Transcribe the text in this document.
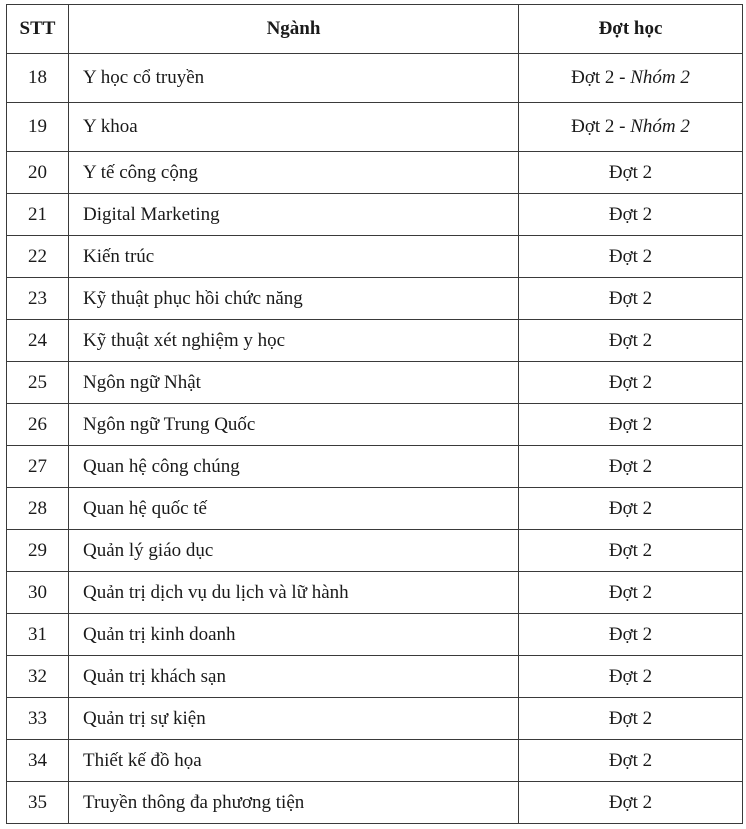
STT	Ngành	Đợt học
18	Y học cổ truyền	Đợt 2 - Nhóm 2
19	Y khoa	Đợt 2 - Nhóm 2
20	Y tế công cộng	Đợt 2
21	Digital Marketing	Đợt 2
22	Kiến trúc	Đợt 2
23	Kỹ thuật phục hồi chức năng	Đợt 2
24	Kỹ thuật xét nghiệm y học	Đợt 2
25	Ngôn ngữ Nhật	Đợt 2
26	Ngôn ngữ Trung Quốc	Đợt 2
27	Quan hệ công chúng	Đợt 2
28	Quan hệ quốc tế	Đợt 2
29	Quản lý giáo dục	Đợt 2
30	Quản trị dịch vụ du lịch và lữ hành	Đợt 2
31	Quản trị kinh doanh	Đợt 2
32	Quản trị khách sạn	Đợt 2
33	Quản trị sự kiện	Đợt 2
34	Thiết kế đồ họa	Đợt 2
35	Truyền thông đa phương tiện	Đợt 2
